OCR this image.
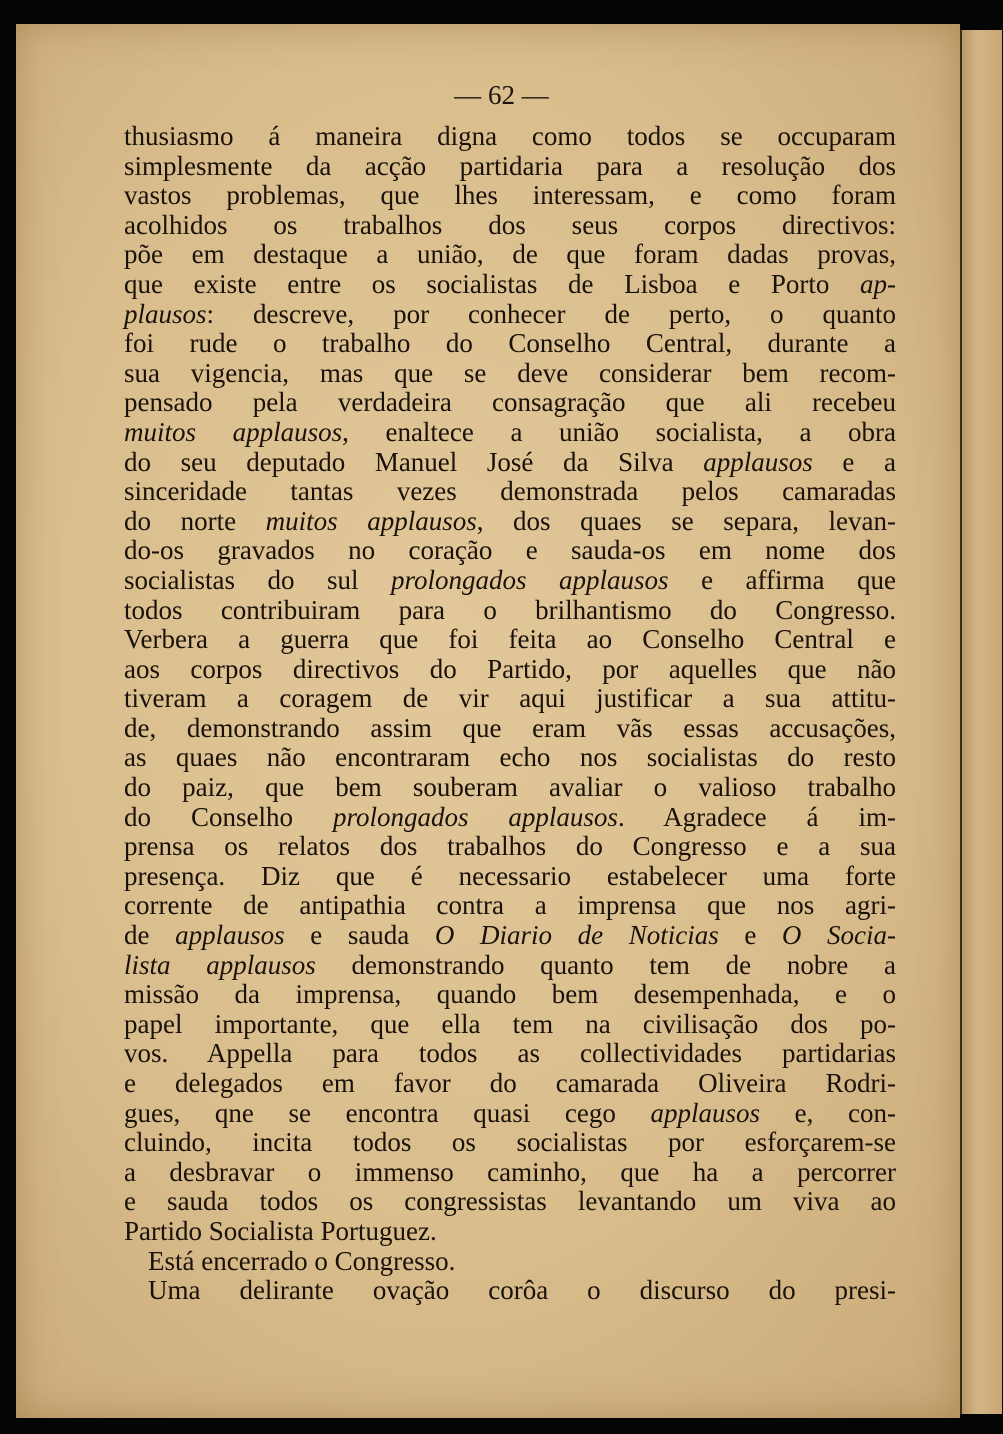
— 62 —
thusiasmo á maneira digna como todos se occuparam
simplesmente da acção partidaria para a resolução dos
vastos problemas, que lhes interessam, e como foram
acolhidos os trabalhos dos seus corpos directivos:
põe em destaque a união, de que foram dadas provas,
que existe entre os socialistas de Lisboa e Porto ap-
plausos: descreve, por conhecer de perto, o quanto
foi rude o trabalho do Conselho Central, durante a
sua vigencia, mas que se deve considerar bem recom-
pensado pela verdadeira consagração que ali recebeu
muitos applausos, enaltece a união socialista, a obra
do seu deputado Manuel José da Silva applausos e a
sinceridade tantas vezes demonstrada pelos camaradas
do norte muitos applausos, dos quaes se separa, levan-
do-os gravados no coração e sauda-os em nome dos
socialistas do sul prolongados applausos e affirma que
todos contribuiram para o brilhantismo do Congresso.
Verbera a guerra que foi feita ao Conselho Central e
aos corpos directivos do Partido, por aquelles que não
tiveram a coragem de vir aqui justificar a sua attitu-
de, demonstrando assim que eram vãs essas accusações,
as quaes não encontraram echo nos socialistas do resto
do paiz, que bem souberam avaliar o valioso trabalho
do Conselho prolongados applausos. Agradece á im-
prensa os relatos dos trabalhos do Congresso e a sua
presença. Diz que é necessario estabelecer uma forte
corrente de antipathia contra a imprensa que nos agri-
de applausos e sauda O Diario de Noticias e O Socia-
lista applausos demonstrando quanto tem de nobre a
missão da imprensa, quando bem desempenhada, e o
papel importante, que ella tem na civilisação dos po-
vos. Appella para todos as collectividades partidarias
e delegados em favor do camarada Oliveira Rodri-
gues, qne se encontra quasi cego applausos e, con-
cluindo, incita todos os socialistas por esforçarem-se
a desbravar o immenso caminho, que ha a percorrer
e sauda todos os congressistas levantando um viva ao
Partido Socialista Portuguez.
Está encerrado o Congresso.
Uma delirante ovação corôa o discurso do presi-
